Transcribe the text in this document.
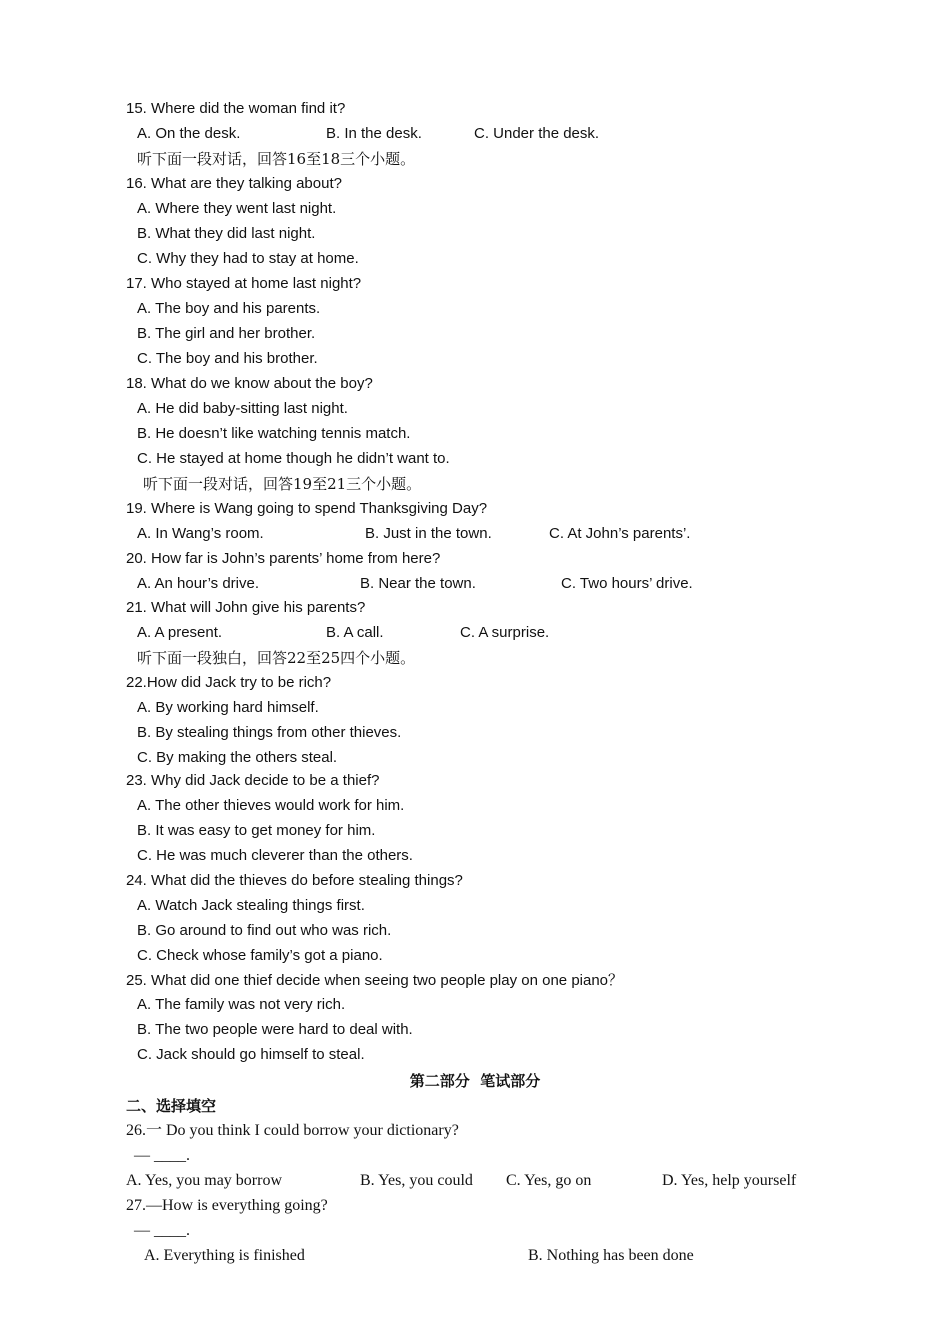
15. Where did the woman find it?
A. On the desk.	B. In the desk.	C. Under the desk.
听下面一段对话，回答16至18三个小题。
16. What are they talking about?
A. Where they went last night.
B. What they did last night.
C. Why they had to stay at home.
17. Who stayed at home last night?
A. The boy and his parents.
B. The girl and her brother.
C. The boy and his brother.
18. What do we know about the boy?
A. He did baby-sitting last night.
B. He doesn’t like watching tennis match.
C. He stayed at home though he didn’t want to.
听下面一段对话，回答19至21三个小题。
19. Where is Wang going to spend Thanksgiving Day?
A. In Wang’s room.	B. Just in the town.	C. At John’s parents’.
20. How far is John’s parents’ home from here?
A. An hour’s drive.	B. Near the town.	C. Two hours’ drive.
21. What will John give his parents?
A. A present.	B. A call.	C. A surprise.
听下面一段独白，回答22至25四个小题。
22.How did Jack try to be rich?
A. By working hard himself.
B. By stealing things from other thieves.
C. By making the others steal.
23. Why did Jack decide to be a thief?
A. The other thieves would work for him.
B. It was easy to get money for him.
C. He was much cleverer than the others.
24. What did the thieves do before stealing things?
A. Watch Jack stealing things first.
B. Go around to find out who was rich.
C. Check whose family’s got a piano.
25. What did one thief decide when seeing two people play on one piano？
A. The family was not very rich.
B. The two people were hard to deal with.
C. Jack should go himself to steal.
第二部分  笔试部分
二、选择填空
26.一 Do you think I could borrow your dictionary?
— ____.
A. Yes, you may borrow	B. Yes, you could C. Yes, go on	D. Yes, help yourself
27.—How is everything going?
— ____.
A. Everything is finished	B. Nothing has been done
